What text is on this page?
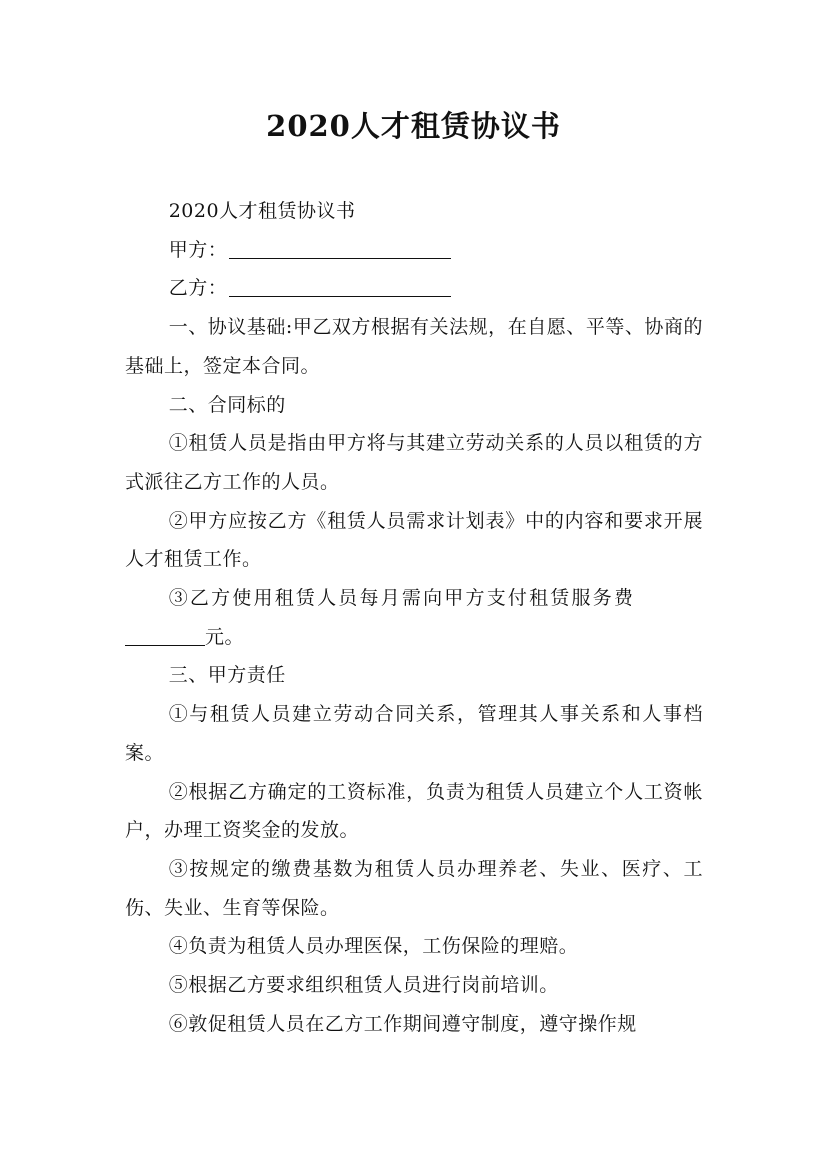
2020人才租赁协议书

2020人才租赁协议书

甲方：

乙方：

一、协议基础:甲乙双方根据有关法规，在自愿、平等、协商的基础上，签定本合同。

二、合同标的

①租赁人员是指由甲方将与其建立劳动关系的人员以租赁的方式派往乙方工作的人员。

②甲方应按乙方《租赁人员需求计划表》中的内容和要求开展人才租赁工作。

③乙方使用租赁人员每月需向甲方支付租赁服务费

元。

三、甲方责任

①与租赁人员建立劳动合同关系，管理其人事关系和人事档案。

②根据乙方确定的工资标准，负责为租赁人员建立个人工资帐户，办理工资奖金的发放。

③按规定的缴费基数为租赁人员办理养老、失业、医疗、工伤、失业、生育等保险。

④负责为租赁人员办理医保，工伤保险的理赔。

⑤根据乙方要求组织租赁人员进行岗前培训。

⑥敦促租赁人员在乙方工作期间遵守制度，遵守操作规
